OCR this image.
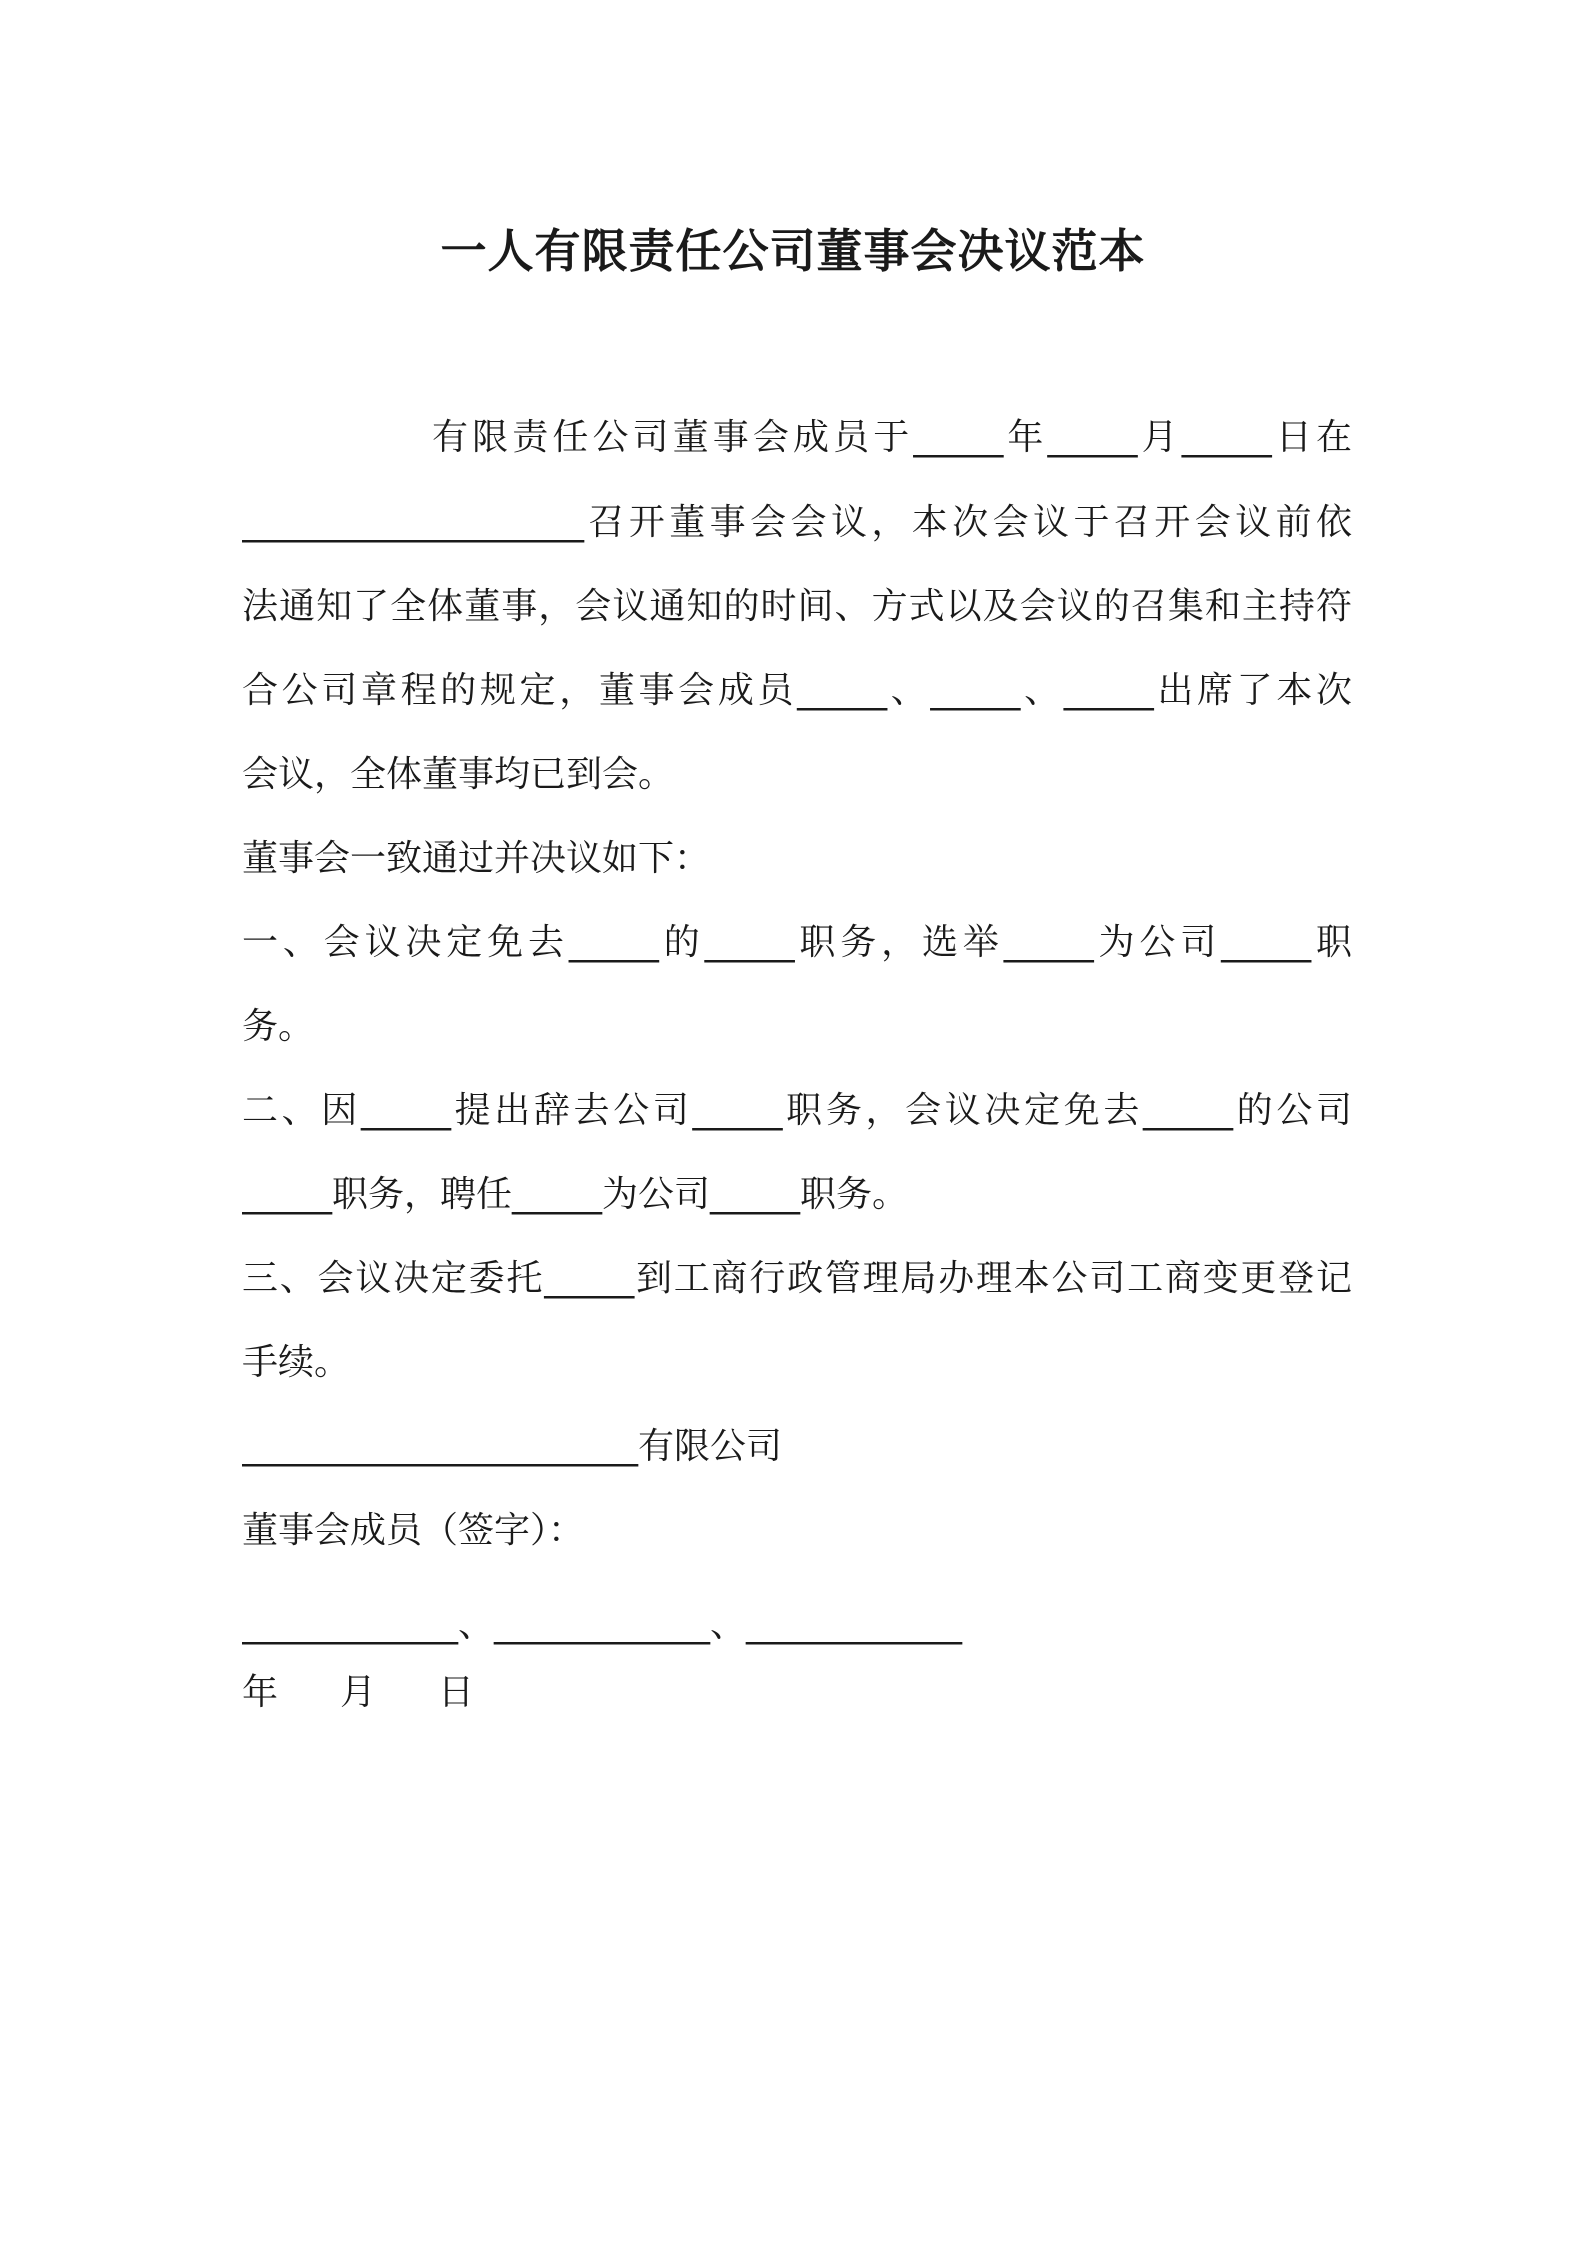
一人有限责任公司董事会决议范本
有限责任公司董事会成员于_____年_____月_____日在
___________________召开董事会会议，本次会议于召开会议前依
法通知了全体董事，会议通知的时间、方式以及会议的召集和主持符
合公司章程的规定，董事会成员_____、_____、_____出席了本次
会议，全体董事均已到会。
董事会一致通过并决议如下：
一、会议决定免去_____的_____职务，选举_____为公司_____职
务。
二、因_____提出辞去公司_____职务，会议决定免去_____的公司
_____职务，聘任_____为公司_____职务。
三、会议决定委托_____到工商行政管理局办理本公司工商变更登记
手续。
______________________有限公司
董事会成员（签字）：
____________、____________、____________
年 月 日
